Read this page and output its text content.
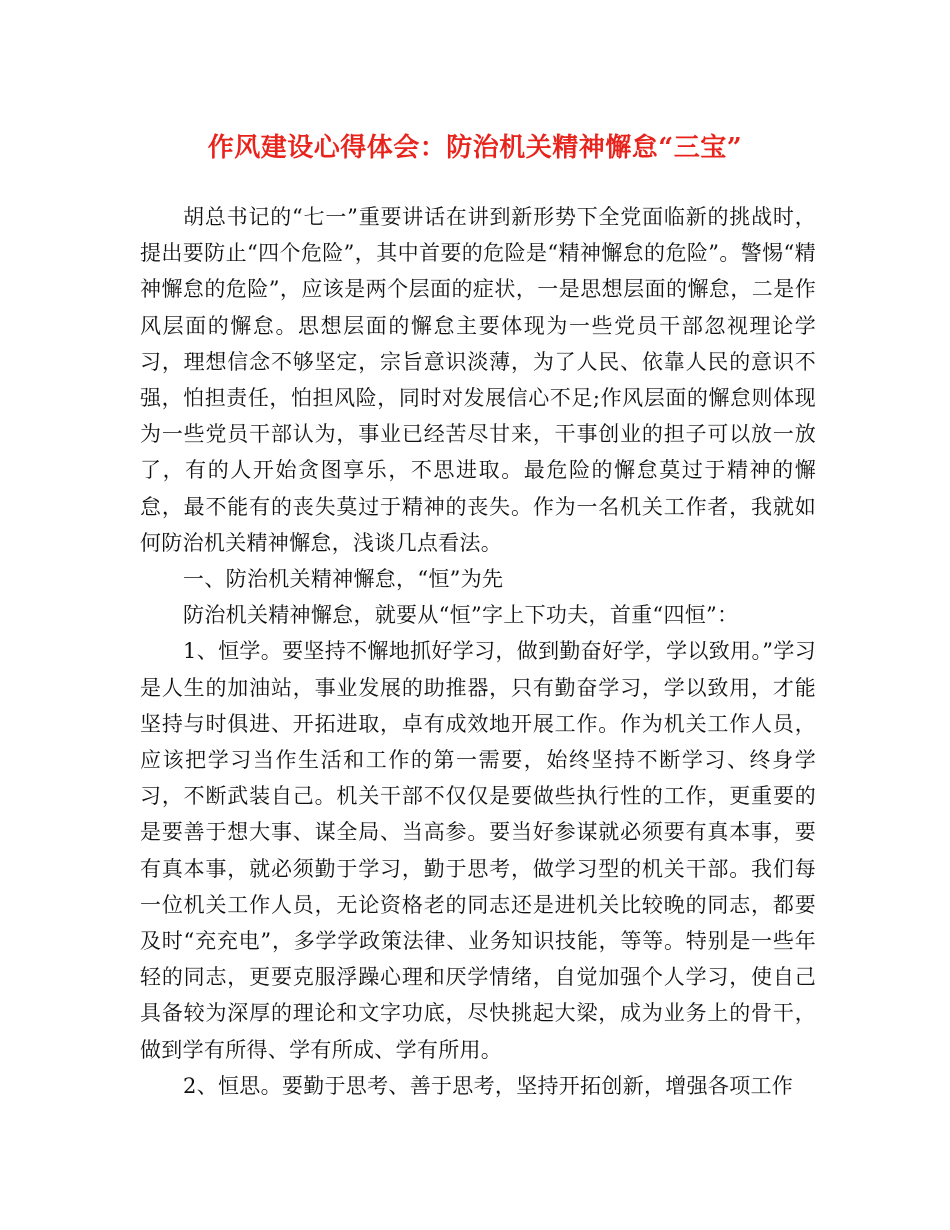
作风建设心得体会：防治机关精神懈怠“三宝”

胡总书记的“七一”重要讲话在讲到新形势下全党面临新的挑战时，提出要防止“四个危险”，其中首要的危险是“精神懈怠的危险”。警惕“精神懈怠的危险”，应该是两个层面的症状，一是思想层面的懈怠，二是作风层面的懈怠。思想层面的懈怠主要体现为一些党员干部忽视理论学习，理想信念不够坚定，宗旨意识淡薄，为了人民、依靠人民的意识不强，怕担责任，怕担风险，同时对发展信心不足;作风层面的懈怠则体现为一些党员干部认为，事业已经苦尽甘来，干事创业的担子可以放一放了，有的人开始贪图享乐，不思进取。最危险的懈怠莫过于精神的懈怠，最不能有的丧失莫过于精神的丧失。作为一名机关工作者，我就如何防治机关精神懈怠，浅谈几点看法。

一、防治机关精神懈怠，“恒”为先

防治机关精神懈怠，就要从“恒”字上下功夫，首重“四恒”：

1、恒学。要坚持不懈地抓好学习，做到勤奋好学，学以致用。”学习是人生的加油站，事业发展的助推器，只有勤奋学习，学以致用，才能坚持与时俱进、开拓进取，卓有成效地开展工作。作为机关工作人员，应该把学习当作生活和工作的第一需要，始终坚持不断学习、终身学习，不断武装自己。机关干部不仅仅是要做些执行性的工作，更重要的是要善于想大事、谋全局、当高参。要当好参谋就必须要有真本事，要有真本事，就必须勤于学习，勤于思考，做学习型的机关干部。我们每一位机关工作人员，无论资格老的同志还是进机关比较晚的同志，都要及时“充充电”，多学学政策法律、业务知识技能，等等。特别是一些年轻的同志，更要克服浮躁心理和厌学情绪，自觉加强个人学习，使自己具备较为深厚的理论和文字功底，尽快挑起大梁，成为业务上的骨干，做到学有所得、学有所成、学有所用。

2、恒思。要勤于思考、善于思考，坚持开拓创新，增强各项工作
